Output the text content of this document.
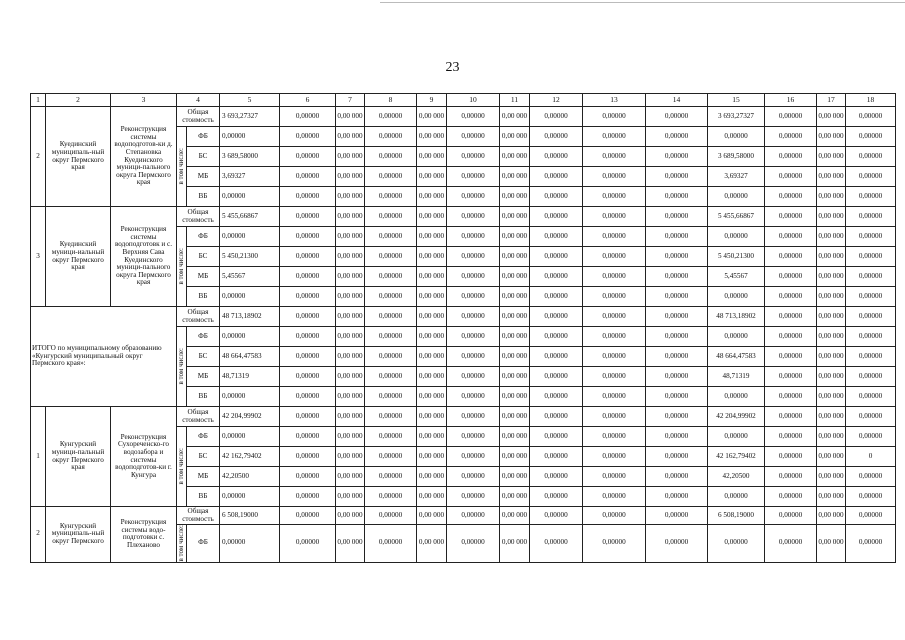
23
1	2	3	4		5	6	7	8	9	10	11	12	13	14	15	16	17	18
2	Куединский муниципаль-ный округ Пермского края	Реконструкция системы водоподготов-ки д. Степановка Куединского муници-пального округа Пермского края	Общая стоимость		3 693,27327	0,00000	0,00 000	0,00000	0,00 000	0,00000	0,00 000	0,00000	0,00000	0,00000	3 693,27327	0,00000	0,00 000	0,00000

			в том числе:	ФБ	0,00000	0,00000	0,00 000	0,00000	0,00 000	0,00000	0,00 000	0,00000	0,00000	0,00000	0,00000	0,00000	0,00 000	0,00000
				БС	3 689,58000	0,00000	0,00 000	0,00000	0,00 000	0,00000	0,00 000	0,00000	0,00000	0,00000	3 689,58000	0,00000	0,00 000	0,00000
				МБ	3,69327	0,00000	0,00 000	0,00000	0,00 000	0,00000	0,00 000	0,00000	0,00000	0,00000	3,69327	0,00000	0,00 000	0,00000
				ВБ	0,00000	0,00000	0,00 000	0,00000	0,00 000	0,00000	0,00 000	0,00000	0,00000	0,00000	0,00000	0,00000	0,00 000	0,00000
3	Куединский муници-иальный округ Пермского края	Реконструкция системы водоподготовк и с. Верхняя Сава Куединского муници-пального округа Пермского края	Общая стоимость		5 455,66867	0,00000	0,00 000	0,00000	0,00 000	0,00000	0,00 000	0,00000	0,00000	0,00000	5 455,66867	0,00000	0,00 000	0,00000

			в том числе:	ФБ	0,00000	0,00000	0,00 000	0,00000	0,00 000	0,00000	0,00 000	0,00000	0,00000	0,00000	0,00000	0,00000	0,00 000	0,00000
				БС	5 450,21300	0,00000	0,00 000	0,00000	0,00 000	0,00000	0,00 000	0,00000	0,00000	0,00000	5 450,21300	0,00000	0,00 000	0,00000
				МБ	5,45567	0,00000	0,00 000	0,00000	0,00 000	0,00000	0,00 000	0,00000	0,00000	0,00000	5,45567	0,00000	0,00 000	0,00000
				ВБ	0,00000	0,00000	0,00 000	0,00000	0,00 000	0,00000	0,00 000	0,00000	0,00000	0,00000	0,00000	0,00000	0,00 000	0,00000
ИТОГО по муниципальному образованию «Кунгурский муниципальный округ Пермского края»:			Общая стоимость		48 713,18902	0,00000	0,00 000	0,00000	0,00 000	0,00000	0,00 000	0,00000	0,00000	0,00000	48 713,18902	0,00000	0,00 000	0,00000

			в том числе:	ФБ	0,00000	0,00000	0,00 000	0,00000	0,00 000	0,00000	0,00 000	0,00000	0,00000	0,00000	0,00000	0,00000	0,00 000	0,00000
				БС	48 664,47583	0,00000	0,00 000	0,00000	0,00 000	0,00000	0,00 000	0,00000	0,00000	0,00000	48 664,47583	0,00000	0,00 000	0,00000
				МБ	48,71319	0,00000	0,00 000	0,00000	0,00 000	0,00000	0,00 000	0,00000	0,00000	0,00000	48,71319	0,00000	0,00 000	0,00000
				ВБ	0,00000	0,00000	0,00 000	0,00000	0,00 000	0,00000	0,00 000	0,00000	0,00000	0,00000	0,00000	0,00000	0,00 000	0,00000
1	Кунгурский муници-пальный округ Пермского края	Реконструкция Сухореченско-го водозабора и системы водоподготов-ки г. Кунгура	Общая стоимость		42 204,99902	0,00000	0,00 000	0,00000	0,00 000	0,00000	0,00 000	0,00000	0,00000	0,00000	42 204,99902	0,00000	0,00 000	0,00000

			в том числе:	ФБ	0,00000	0,00000	0,00 000	0,00000	0,00 000	0,00000	0,00 000	0,00000	0,00000	0,00000	0,00000	0,00000	0,00 000	0,00000
				БС	42 162,79402	0,00000	0,00 000	0,00000	0,00 000	0,00000	0,00 000	0,00000	0,00000	0,00000	42 162,79402	0,00000	0,00 000	0
				МБ	42,20500	0,00000	0,00 000	0,00000	0,00 000	0,00000	0,00 000	0,00000	0,00000	0,00000	42,20500	0,00000	0,00 000	0,00000
				ВБ	0,00000	0,00000	0,00 000	0,00000	0,00 000	0,00000	0,00 000	0,00000	0,00000	0,00000	0,00000	0,00000	0,00 000	0,00000
2	Кунгурский муниципаль-ный округ Пермского	Реконструкция системы водо-подготовки с. Плеханово	Общая стоимость		6 508,19000	0,00000	0,00 000	0,00000	0,00 000	0,00000	0,00 000	0,00000	0,00000	0,00000	6 508,19000	0,00000	0,00 000	0,00000

			в том числе:	ФБ	0,00000	0,00000	0,00 000	0,00000	0,00 000	0,00000	0,00 000	0,00000	0,00000	0,00000	0,00000	0,00000	0,00 000	0,00000
